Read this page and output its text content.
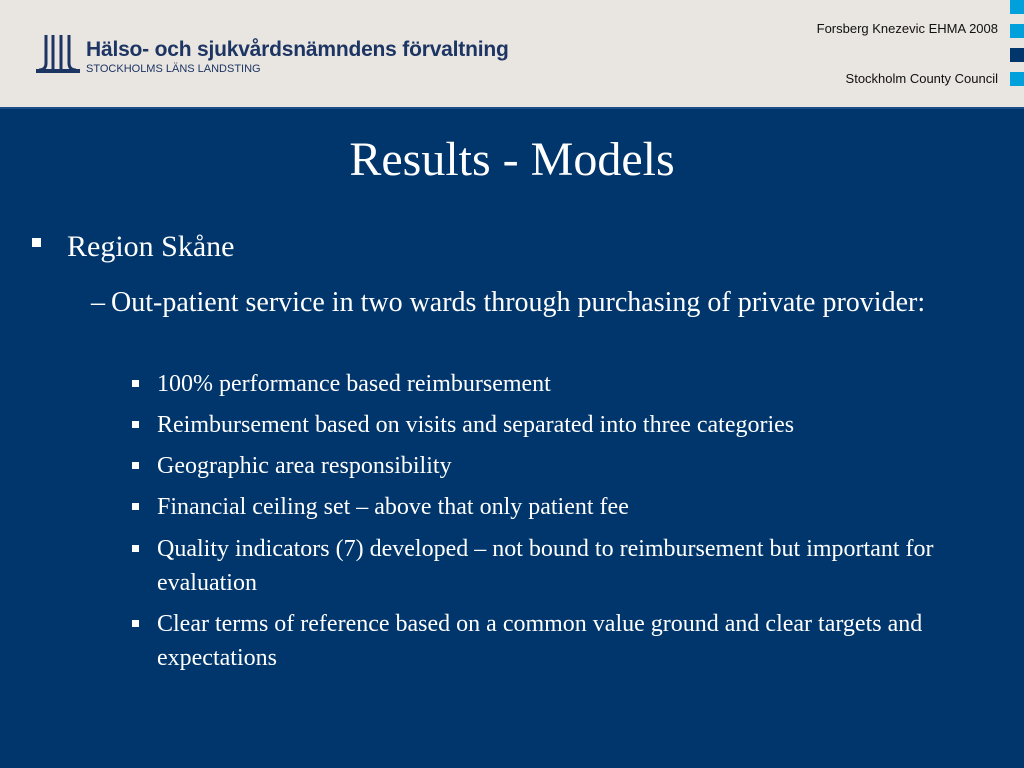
Hälso- och sjukvårdsnämndens förvaltning
STOCKHOLMS LÄNS LANDSTING
Forsberg Knezevic EHMA 2008
Stockholm County Council
Results - Models
Region Skåne
– Out-patient service in two wards through purchasing of private provider:
100% performance based reimbursement
Reimbursement based on visits and separated into three categories
Geographic area responsibility
Financial ceiling set – above that only patient fee
Quality indicators (7) developed – not bound to reimbursement but important for evaluation
Clear terms of reference based on a common value ground and clear targets and expectations
